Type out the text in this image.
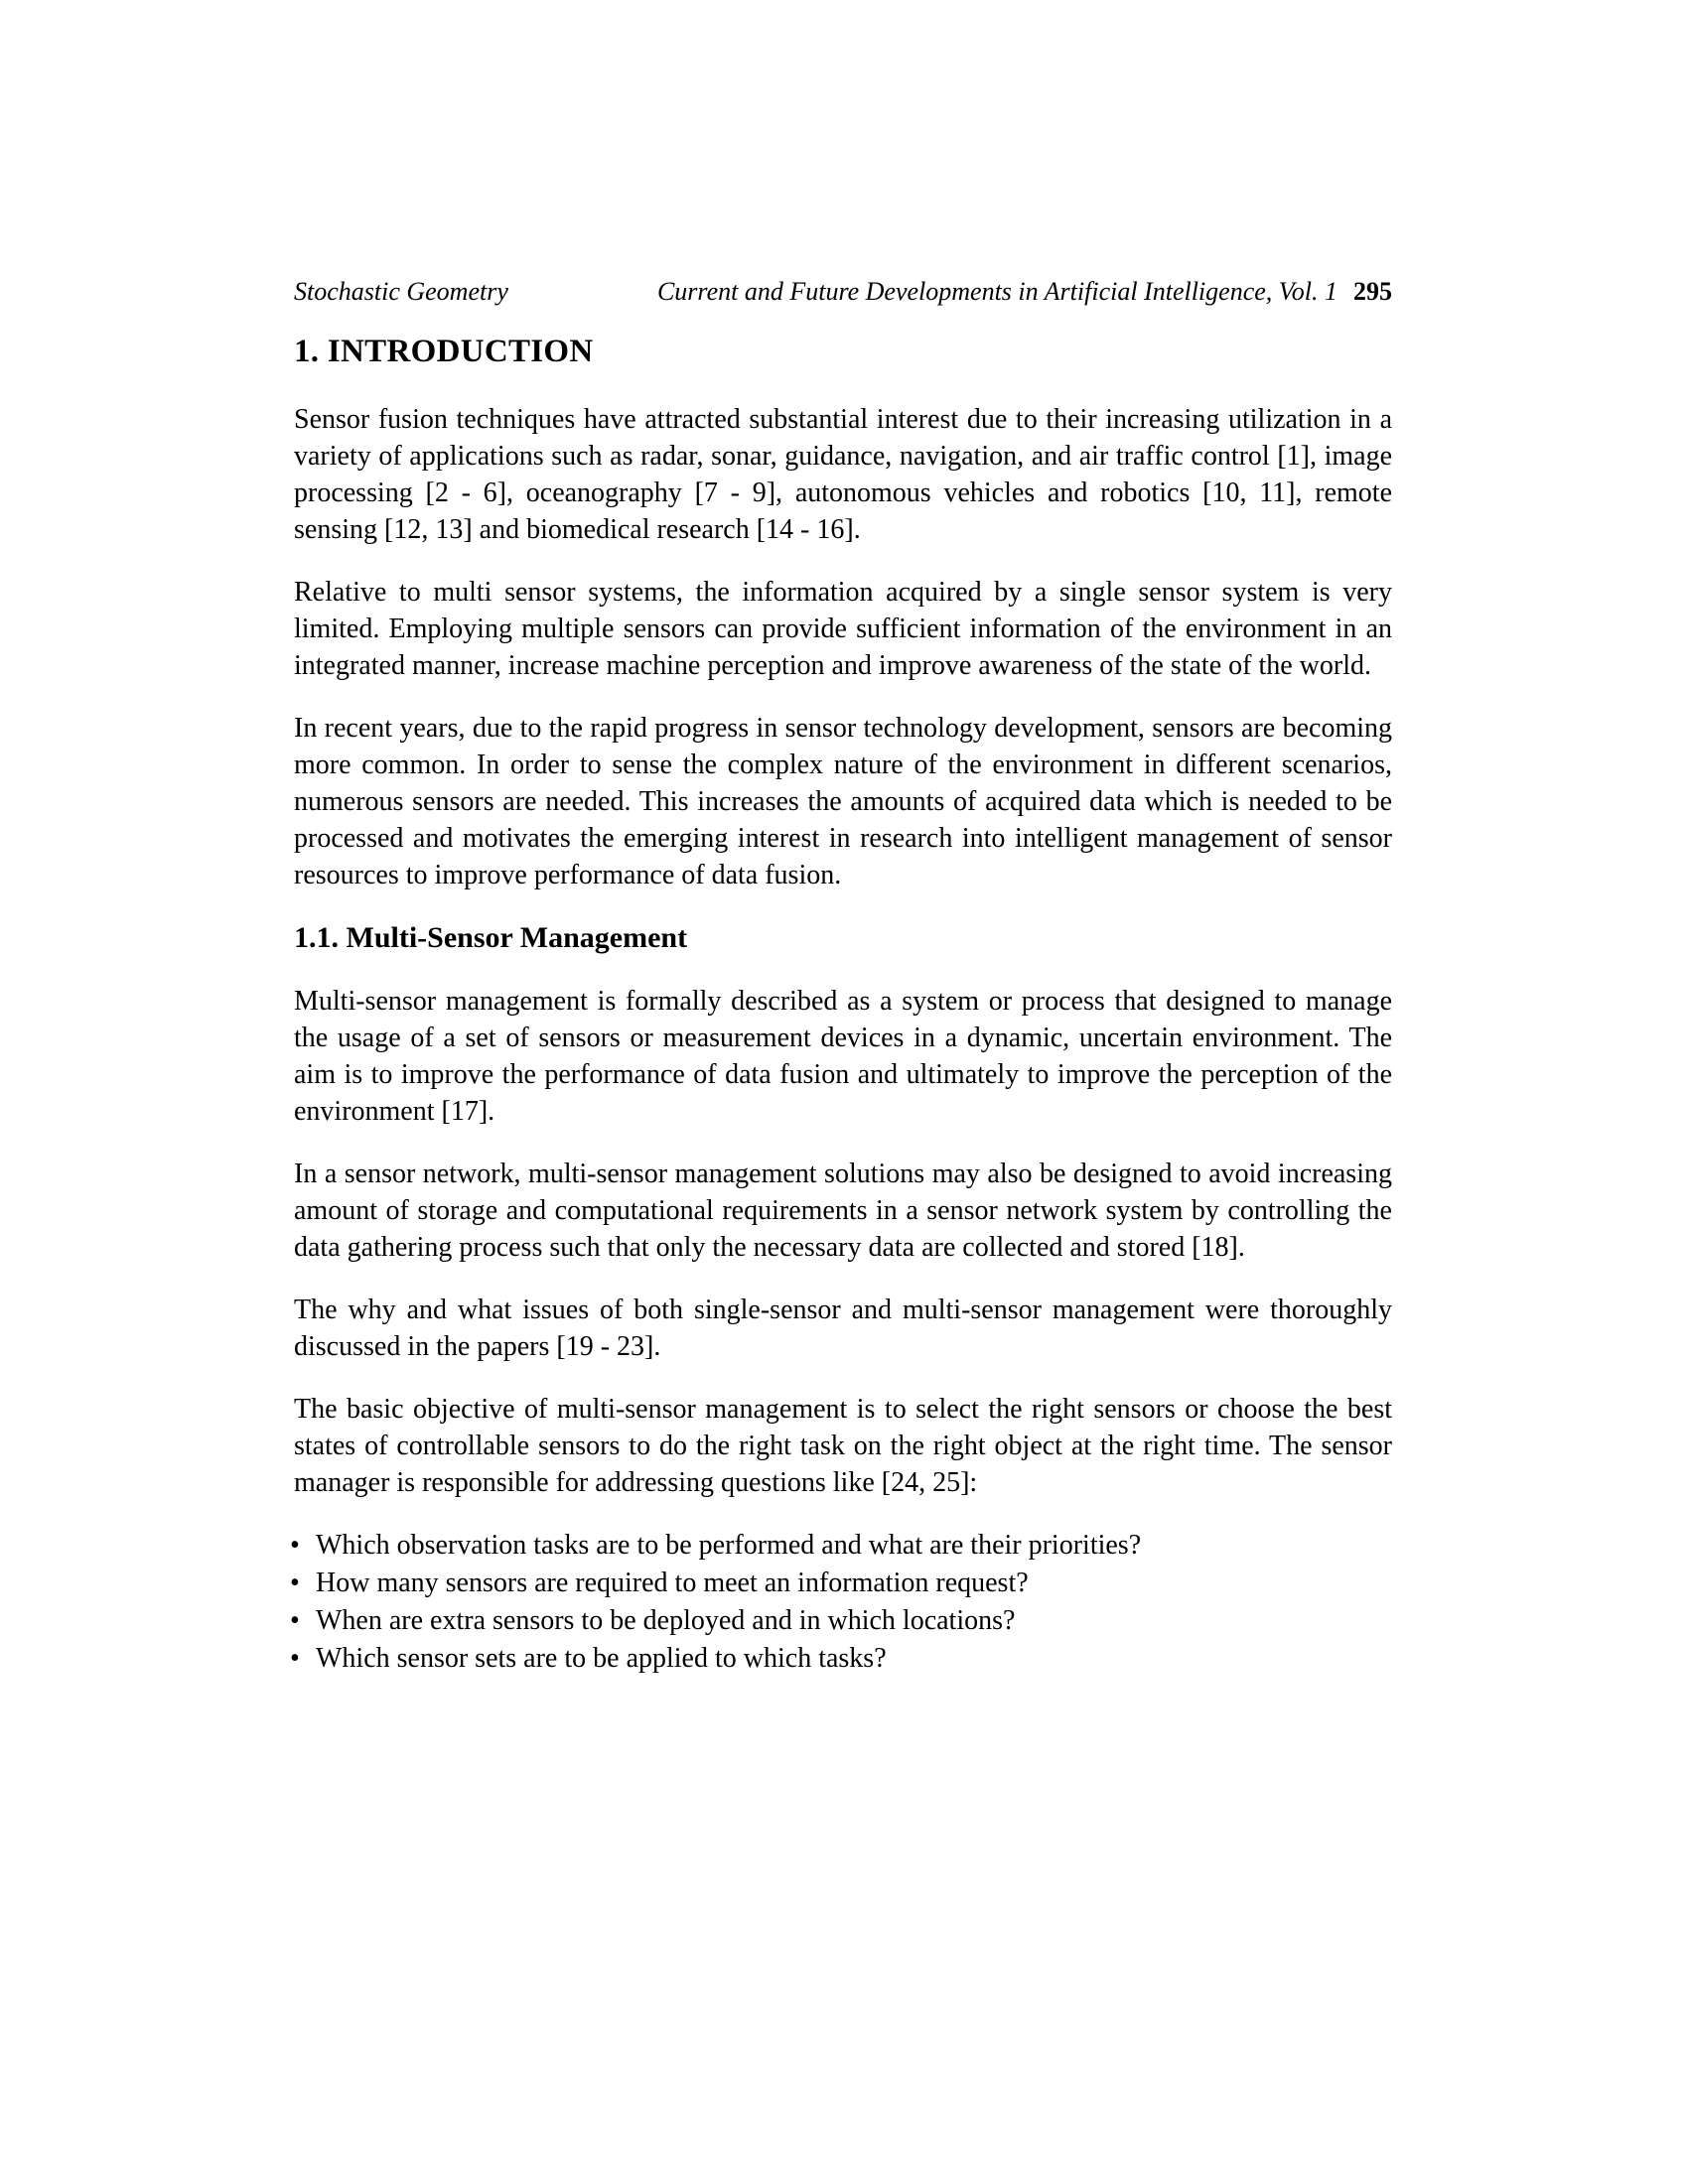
Stochastic Geometry	Current and Future Developments in Artificial Intelligence, Vol. 1 295
1. INTRODUCTION

Sensor fusion techniques have attracted substantial interest due to their increasing utilization in a variety of applications such as radar, sonar, guidance, navigation, and air traffic control [1], image processing [2 - 6], oceanography [7 - 9], autonomous vehicles and robotics [10, 11], remote sensing [12, 13] and biomedical research [14 - 16].

Relative to multi sensor systems, the information acquired by a single sensor system is very limited. Employing multiple sensors can provide sufficient information of the environment in an integrated manner, increase machine perception and improve awareness of the state of the world.

In recent years, due to the rapid progress in sensor technology development, sensors are becoming more common. In order to sense the complex nature of the environment in different scenarios, numerous sensors are needed. This increases the amounts of acquired data which is needed to be processed and motivates the emerging interest in research into intelligent management of sensor resources to improve performance of data fusion.

1.1. Multi-Sensor Management

Multi-sensor management is formally described as a system or process that designed to manage the usage of a set of sensors or measurement devices in a dynamic, uncertain environment. The aim is to improve the performance of data fusion and ultimately to improve the perception of the environment [17].

In a sensor network, multi-sensor management solutions may also be designed to avoid increasing amount of storage and computational requirements in a sensor network system by controlling the data gathering process such that only the necessary data are collected and stored [18].

The why and what issues of both single-sensor and multi-sensor management were thoroughly discussed in the papers [19 - 23].

The basic objective of multi-sensor management is to select the right sensors or choose the best states of controllable sensors to do the right task on the right object at the right time. The sensor manager is responsible for addressing questions like [24, 25]:

• Which observation tasks are to be performed and what are their priorities?
• How many sensors are required to meet an information request?
• When are extra sensors to be deployed and in which locations?
• Which sensor sets are to be applied to which tasks?
